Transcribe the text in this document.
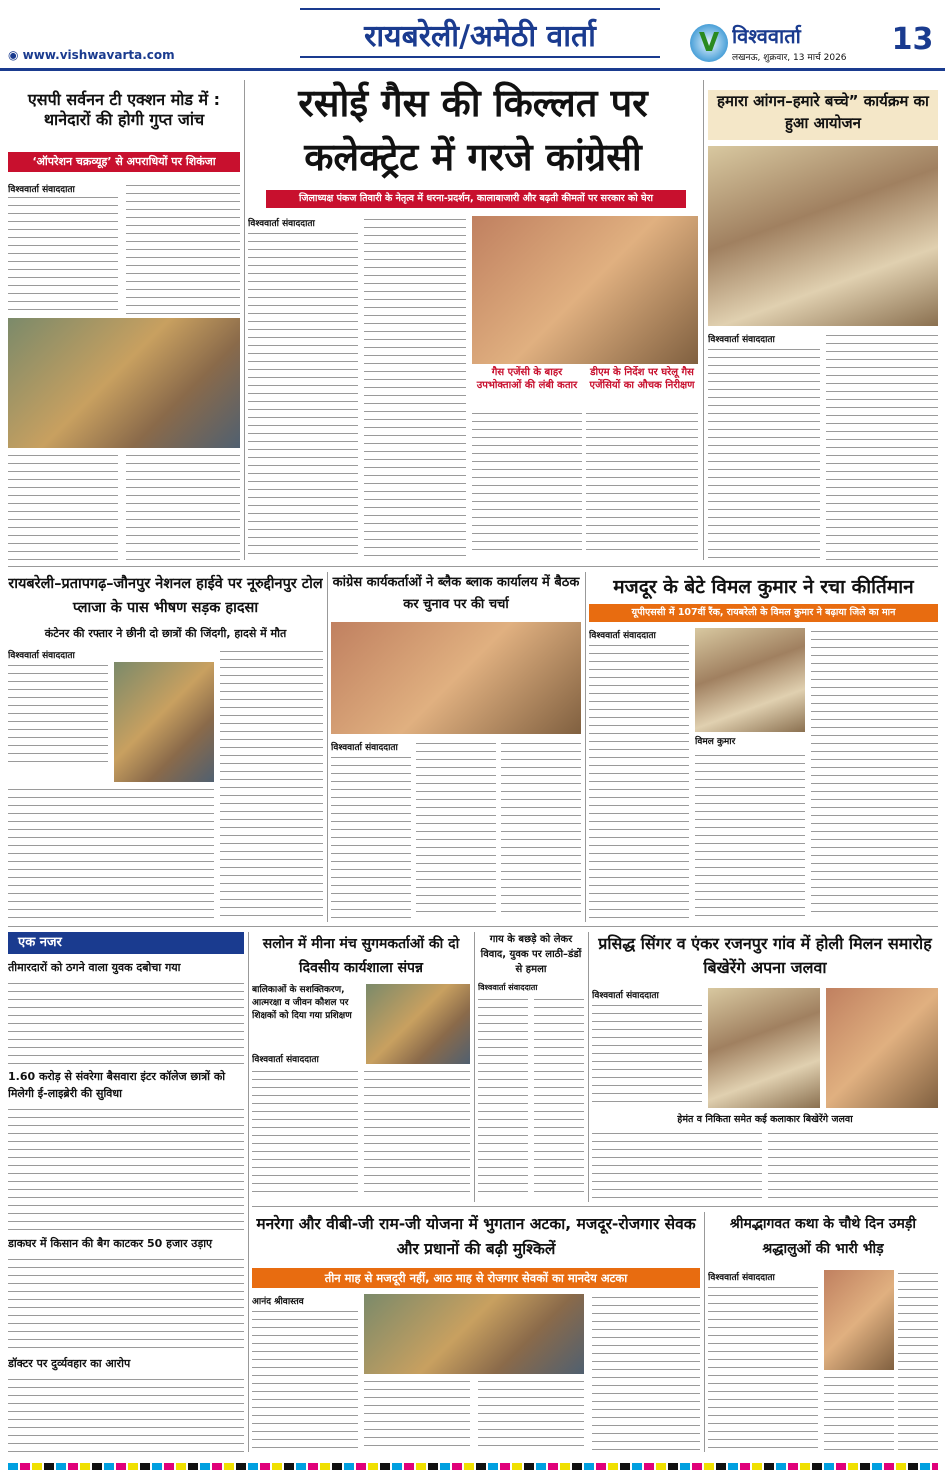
रायबरेली/अमेठी वार्ता
◉ www.vishwavarta.com	V विश्ववार्ता
लखनऊ, शुक्रवार, 13 मार्च 2026
13
एसपी सर्वनन टी एक्शन मोड में : थानेदारों की होगी गुप्त जांच
‘ऑपरेशन चक्रव्यूह’ से अपराधियों पर शिकंजा
विश्ववार्ता संवाददाता
रसोई गैस की किल्लत पर कलेक्ट्रेट में गरजे कांग्रेसी
जिलाध्यक्ष पंकज तिवारी के नेतृत्व में धरना-प्रदर्शन, कालाबाजारी और बढ़ती कीमतों पर सरकार को घेरा
विश्ववार्ता संवाददाता
गैस एजेंसी के बाहर उपभोक्ताओं की लंबी कतार
डीएम के निर्देश पर घरेलू गैस एजेंसियों का औचक निरीक्षण
हमारा आंगन–हमारे बच्चे” कार्यक्रम का हुआ आयोजन
विश्ववार्ता संवाददाता
रायबरेली–प्रतापगढ़–जौनपुर नेशनल हाईवे पर नूरुद्दीनपुर टोल प्लाजा के पास भीषण सड़क हादसा
कंटेनर की रफ्तार ने छीनी दो छात्रों की जिंदगी, हादसे में मौत
विश्ववार्ता संवाददाता
कांग्रेस कार्यकर्ताओं ने ब्लैक ब्लाक कार्यालय में बैठक कर चुनाव पर की चर्चा
विश्ववार्ता संवाददाता
मजदूर के बेटे विमल कुमार ने रचा कीर्तिमान
यूपीएससी में 107वीं रैंक, रायबरेली के विमल कुमार ने बढ़ाया जिले का मान
विश्ववार्ता संवाददाता
विमल कुमार
एक नजर
तीमारदारों को ठगने वाला युवक दबोचा गया
1.60 करोड़ से संवरेगा बैसवारा इंटर कॉलेज छात्रों को मिलेगी ई-लाइब्रेरी की सुविधा
डाकघर में किसान की बैग काटकर 50 हजार उड़ाए
डॉक्टर पर दुर्व्यवहार का आरोप
सलोन में मीना मंच सुगमकर्ताओं की दो दिवसीय कार्यशाला संपन्न
बालिकाओं के सशक्तिकरण, आत्मरक्षा व जीवन कौशल पर शिक्षकों को दिया गया प्रशिक्षण
विश्ववार्ता संवाददाता
गाय के बछड़े को लेकर विवाद, युवक पर लाठी–डंडों से हमला
विश्ववार्ता संवाददाता
प्रसिद्ध सिंगर व एंकर रजनपुर गांव में होली मिलन समारोह बिखेरेंगे अपना जलवा
विश्ववार्ता संवाददाता
हेमंत व निकिता समेत कई कलाकार बिखेरेंगे जलवा
मनरेगा और वीबी-जी राम-जी योजना में भुगतान अटका, मजदूर-रोजगार सेवक और प्रधानों की बढ़ी मुश्किलें
तीन माह से मजदूरी नहीं, आठ माह से रोजगार सेवकों का मानदेय अटका
आनंद श्रीवास्तव
श्रीमद्भागवत कथा के चौथे दिन उमड़ी श्रद्धालुओं की भारी भीड़
विश्ववार्ता संवाददाता
